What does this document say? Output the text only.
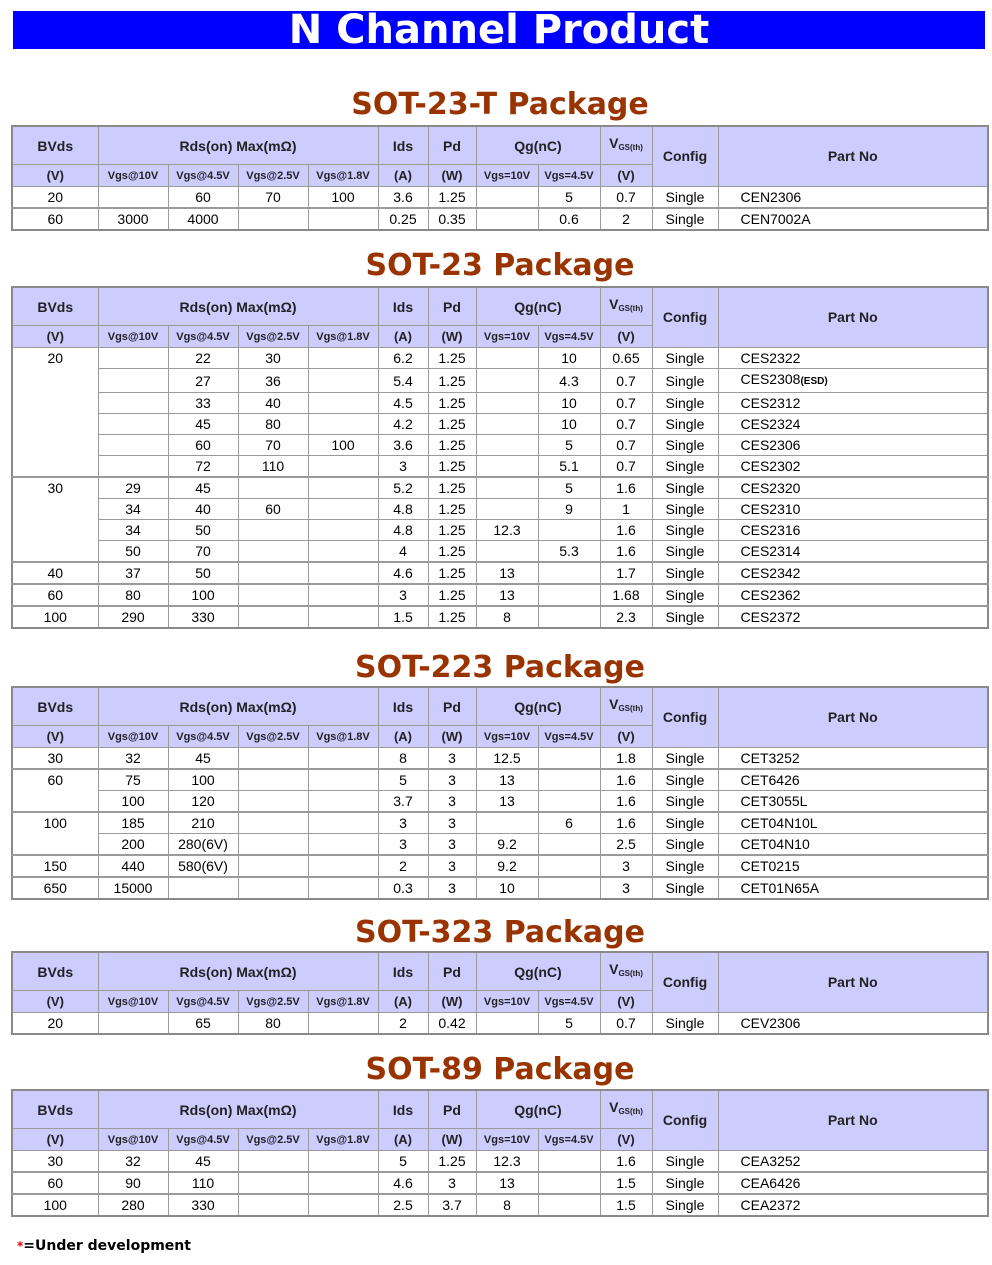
N Channel Product
SOT-23-T Package
BVds	Rds(on) Max(mΩ)				Ids	Pd	Qg(nC)		$V_{GS(th)}$	Config	Part No
(V)	Vgs@10V	Vgs@4.5V	Vgs@2.5V	Vgs@1.8V	(A)	(W)	Vgs=10V	Vgs=4.5V	(V)		
20		60	70	100	3.6	1.25		5	0.7	Single	CEN2306
60	3000	4000			0.25	0.35		0.6	2	Single	CEN7002A
SOT-23 Package
BVds	Rds(on) Max(mΩ)				Ids	Pd	Qg(nC)		$V_{GS(th)}$	Config	Part No
(V)	Vgs@10V	Vgs@4.5V	Vgs@2.5V	Vgs@1.8V	(A)	(W)	Vgs=10V	Vgs=4.5V	(V)		
20		22	30		6.2	1.25		10	0.65	Single	CES2322
		27	36		5.4	1.25		4.3	0.7	Single	CES2308(ESD)
		33	40		4.5	1.25		10	0.7	Single	CES2312
		45	80		4.2	1.25		10	0.7	Single	CES2324
		60	70	100	3.6	1.25		5	0.7	Single	CES2306
		72	110		3	1.25		5.1	0.7	Single	CES2302
30	29	45			5.2	1.25		5	1.6	Single	CES2320
	34	40	60		4.8	1.25		9	1	Single	CES2310
	34	50			4.8	1.25	12.3		1.6	Single	CES2316
	50	70			4	1.25		5.3	1.6	Single	CES2314
40	37	50			4.6	1.25	13		1.7	Single	CES2342
60	80	100			3	1.25	13		1.68	Single	CES2362
100	290	330			1.5	1.25	8		2.3	Single	CES2372
SOT-223 Package
BVds	Rds(on) Max(mΩ)				Ids	Pd	Qg(nC)		$V_{GS(th)}$	Config	Part No
(V)	Vgs@10V	Vgs@4.5V	Vgs@2.5V	Vgs@1.8V	(A)	(W)	Vgs=10V	Vgs=4.5V	(V)		
30	32	45			8	3	12.5		1.8	Single	CET3252
60	75	100			5	3	13		1.6	Single	CET6426
	100	120			3.7	3	13		1.6	Single	CET3055L
100	185	210			3	3		6	1.6	Single	CET04N10L
	200	280(6V)			3	3	9.2		2.5	Single	CET04N10
150	440	580(6V)			2	3	9.2		3	Single	CET0215
650	15000				0.3	3	10		3	Single	CET01N65A
SOT-323 Package
BVds	Rds(on) Max(mΩ)				Ids	Pd	Qg(nC)		$V_{GS(th)}$	Config	Part No
(V)	Vgs@10V	Vgs@4.5V	Vgs@2.5V	Vgs@1.8V	(A)	(W)	Vgs=10V	Vgs=4.5V	(V)		
20		65	80		2	0.42		5	0.7	Single	CEV2306
SOT-89 Package
BVds	Rds(on) Max(mΩ)				Ids	Pd	Qg(nC)		$V_{GS(th)}$	Config	Part No
(V)	Vgs@10V	Vgs@4.5V	Vgs@2.5V	Vgs@1.8V	(A)	(W)	Vgs=10V	Vgs=4.5V	(V)		
30	32	45			5	1.25	12.3		1.6	Single	CEA3252
60	90	110			4.6	3	13		1.5	Single	CEA6426
100	280	330			2.5	3.7	8		1.5	Single	CEA2372
*=Under development
